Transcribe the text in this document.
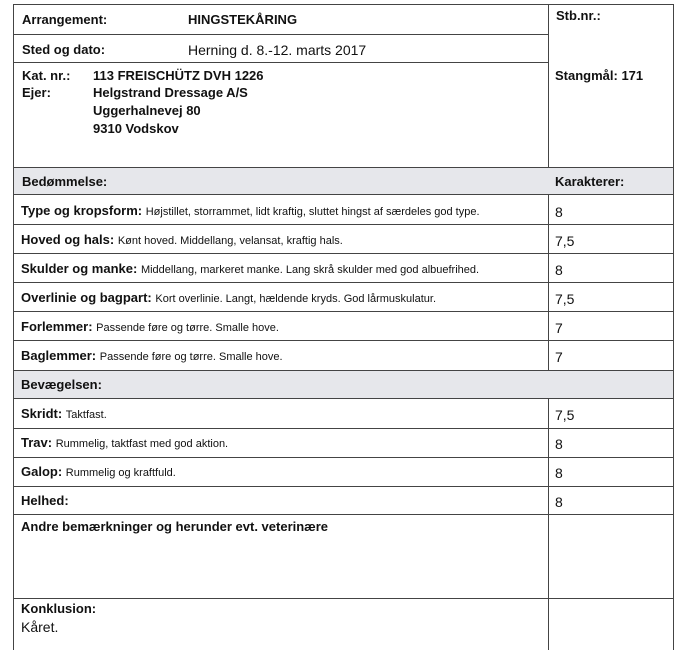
Arrangement:	HINGSTEKÅRING	Stb.nr.:
Sted og dato:	Herning d. 8.-12. marts 2017
Kat. nr.: 113 FREISCHÜTZ DVH 1226
Ejer:	Helgstrand Dressage A/S
Uggerhalnevej 80
9310 Vodskov
Stangmål: 171
Bedømmelse:	Karakterer:
Type og kropsform: Højstillet, storrammet, lidt kraftig, sluttet hingst af særdeles god type.	8
Hoved og hals: Kønt hoved. Middellang, velansat, kraftig hals.	7,5
Skulder og manke: Middellang, markeret manke. Lang skrå skulder med god albuefrihed.	8
Overlinie og bagpart: Kort overlinie. Langt, hældende kryds. God lårmuskulatur.	7,5
Forlemmer: Passende føre og tørre. Smalle hove.	7
Baglemmer: Passende føre og tørre. Smalle hove.	7
Bevægelsen:
Skridt: Taktfast.	7,5
Trav: Rummelig, taktfast med god aktion.	8
Galop: Rummelig og kraftfuld.	8
Helhed:	8
Andre bemærkninger og herunder evt. veterinære
Konklusion:
Kåret.
